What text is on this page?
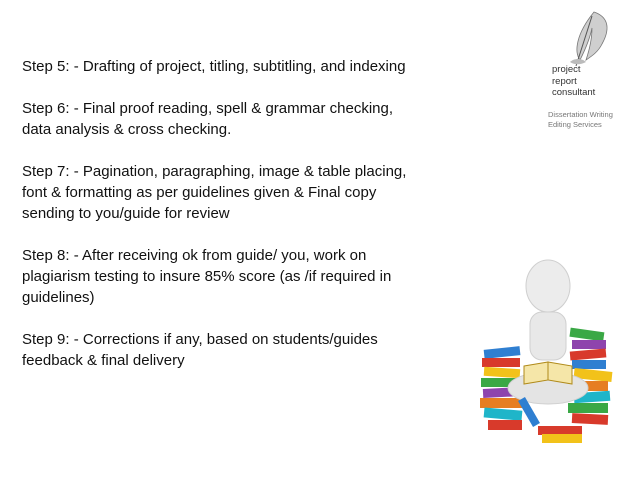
Step 5: - Drafting of project, titling, subtitling, and indexing
Step 6: - Final proof reading, spell & grammar checking, data analysis & cross checking.
Step 7: - Pagination, paragraphing, image & table placing, font & formatting as per guidelines given & Final copy sending to you/guide for review
Step 8: - After receiving ok from guide/ you, work on plagiarism testing to insure 85% score (as /if required in guidelines)
Step 9: - Corrections if any, based on students/guides feedback & final delivery
project
report
consultant
Dissertation Writing
Editing Services
